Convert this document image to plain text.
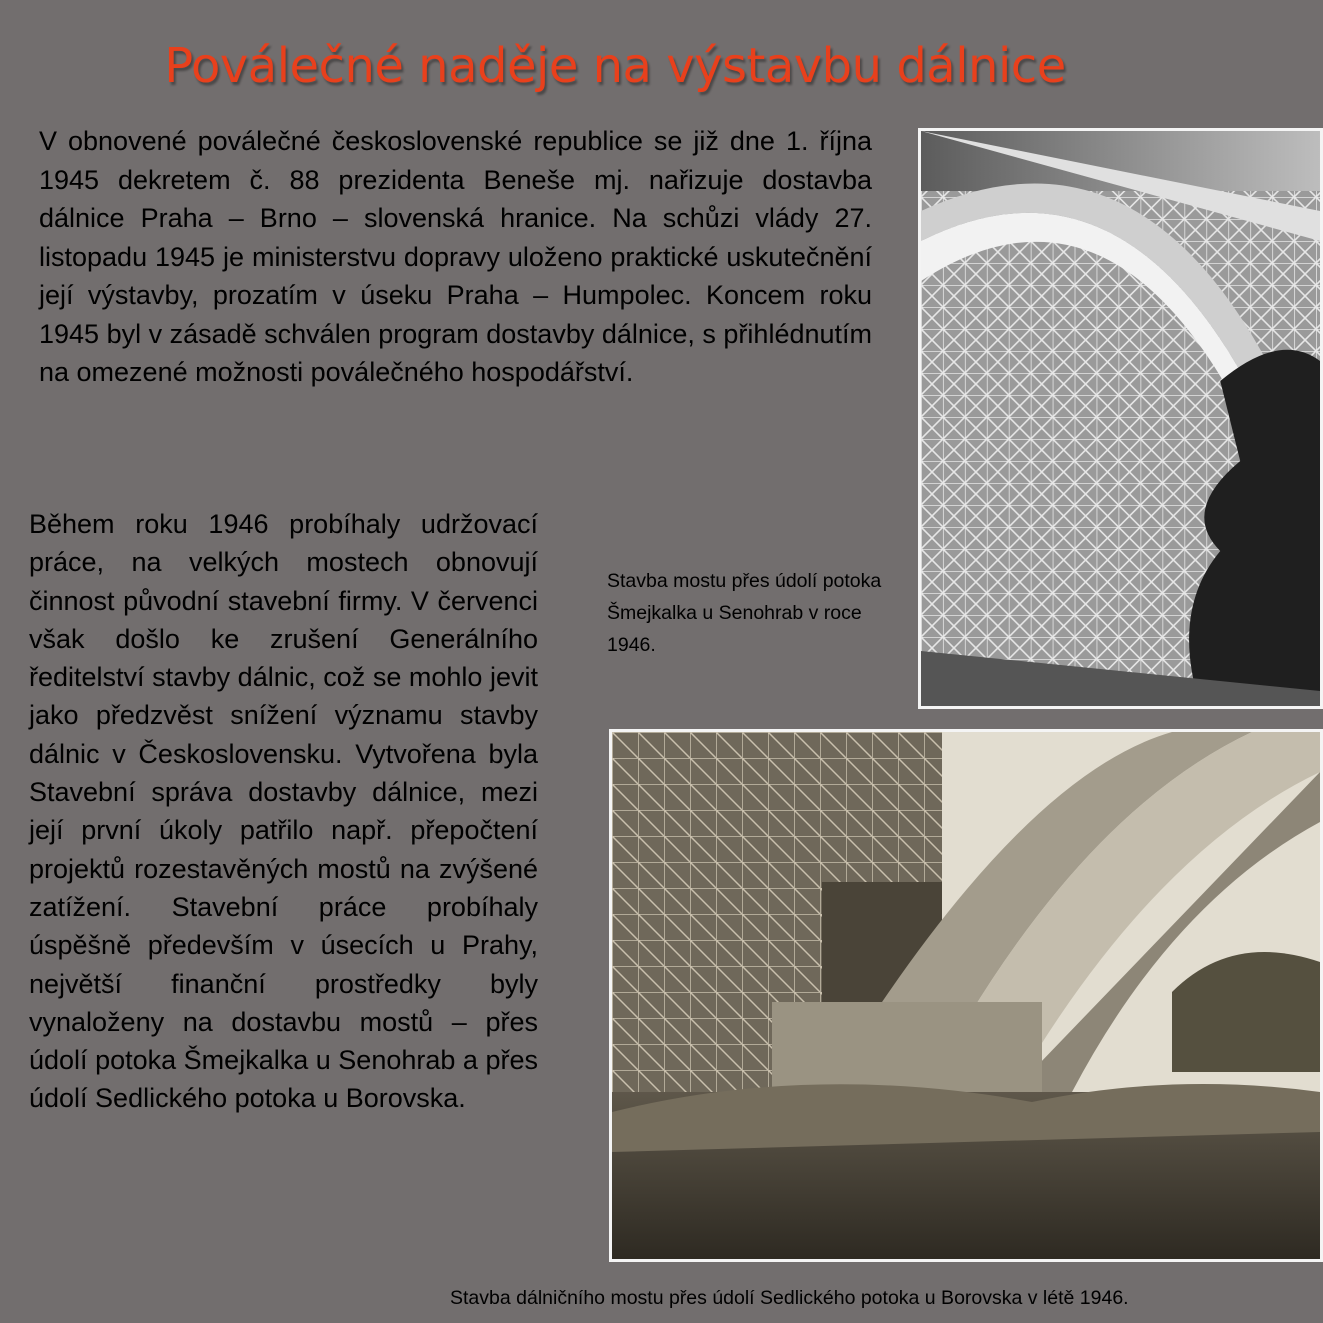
Poválečné naděje na výstavbu dálnice

V obnovené poválečné československé republice se již dne 1. října 1945 dekretem č. 88 prezidenta Beneše mj. nařizuje dostavba dálnice Praha – Brno – slovenská hranice. Na schůzi vlády 27. listopadu 1945 je ministerstvu dopravy uloženo praktické uskutečnění její výstavby, prozatím v úseku Praha – Humpolec. Koncem roku 1945 byl v zásadě schválen program dostavby dálnice, s přihlédnutím na omezené možnosti poválečného hospodářství.

Stavba mostu přes údolí potoka Šmejkalka u Senohrab v roce 1946.

Během roku 1946 probíhaly udržovací práce, na velkých mostech obnovují činnost původní stavební firmy. V červenci však došlo ke zrušení Generálního ředitelství stavby dálnic, což se mohlo jevit jako předzvěst snížení významu stavby dálnic v Československu. Vytvořena byla Stavební správa dostavby dálnice, mezi její první úkoly patřilo např. přepočtení projektů rozestavěných mostů na zvýšené zatížení. Stavební práce probíhaly úspěšně především v úsecích u Prahy, největší finanční prostředky byly vynaloženy na dostavbu mostů – přes údolí potoka Šmejkalka u Senohrab a přes údolí Sedlického potoka u Borovska.

Stavba dálničního mostu přes údolí Sedlického potoka u Borovska v létě 1946.
